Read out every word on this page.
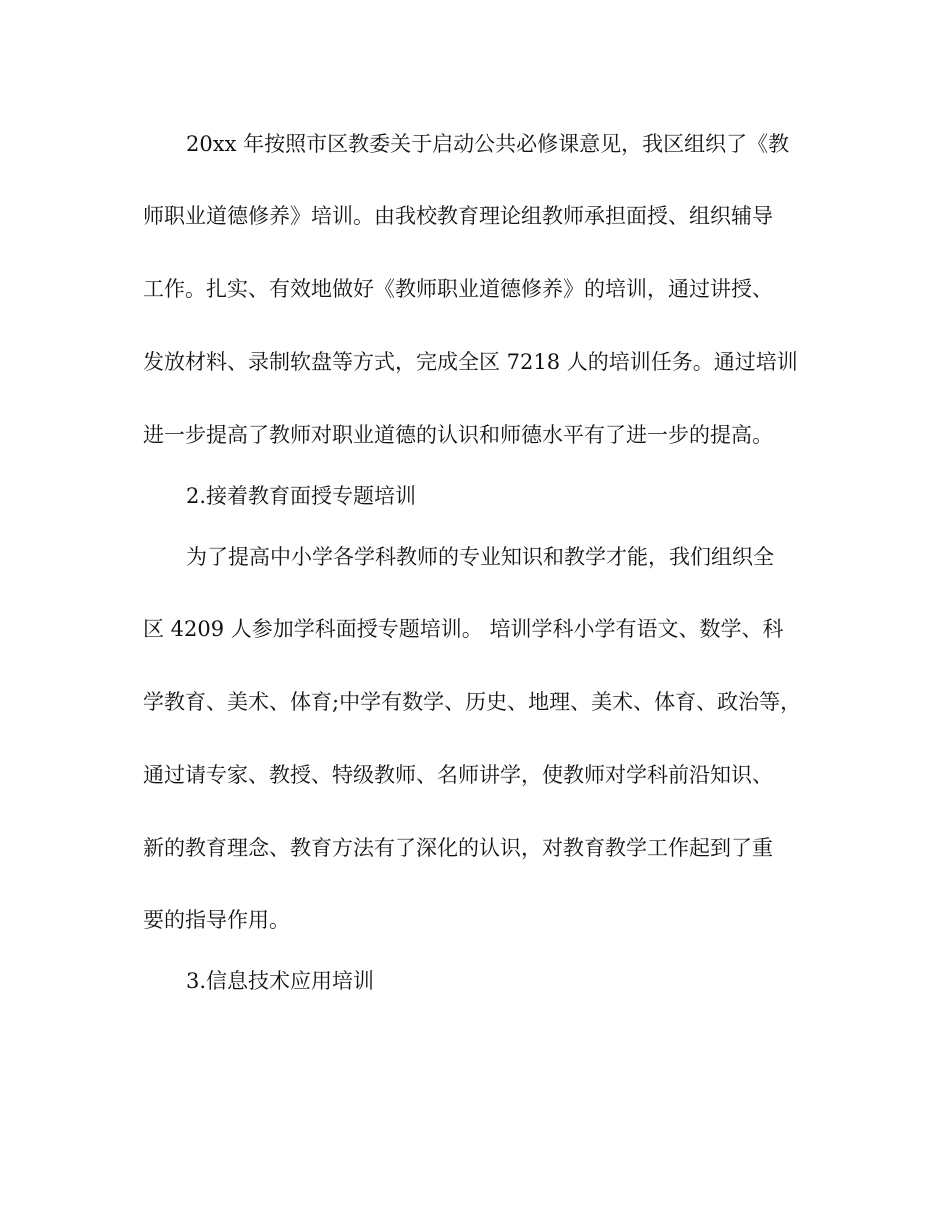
20xx 年按照市区教委关于启动公共必修课意见，我区组织了《教

师职业道德修养》培训。由我校教育理论组教师承担面授、组织辅导

工作。扎实、有效地做好《教师职业道德修养》的培训，通过讲授、

发放材料、录制软盘等方式，完成全区 7218 人的培训任务。通过培训

进一步提高了教师对职业道德的认识和师德水平有了进一步的提高。

2.接着教育面授专题培训

为了提高中小学各学科教师的专业知识和教学才能，我们组织全

区 4209 人参加学科面授专题培训。 培训学科小学有语文、数学、科

学教育、美术、体育;中学有数学、历史、地理、美术、体育、政治等，

通过请专家、教授、特级教师、名师讲学，使教师对学科前沿知识、

新的教育理念、教育方法有了深化的认识，对教育教学工作起到了重

要的指导作用。

3.信息技术应用培训
